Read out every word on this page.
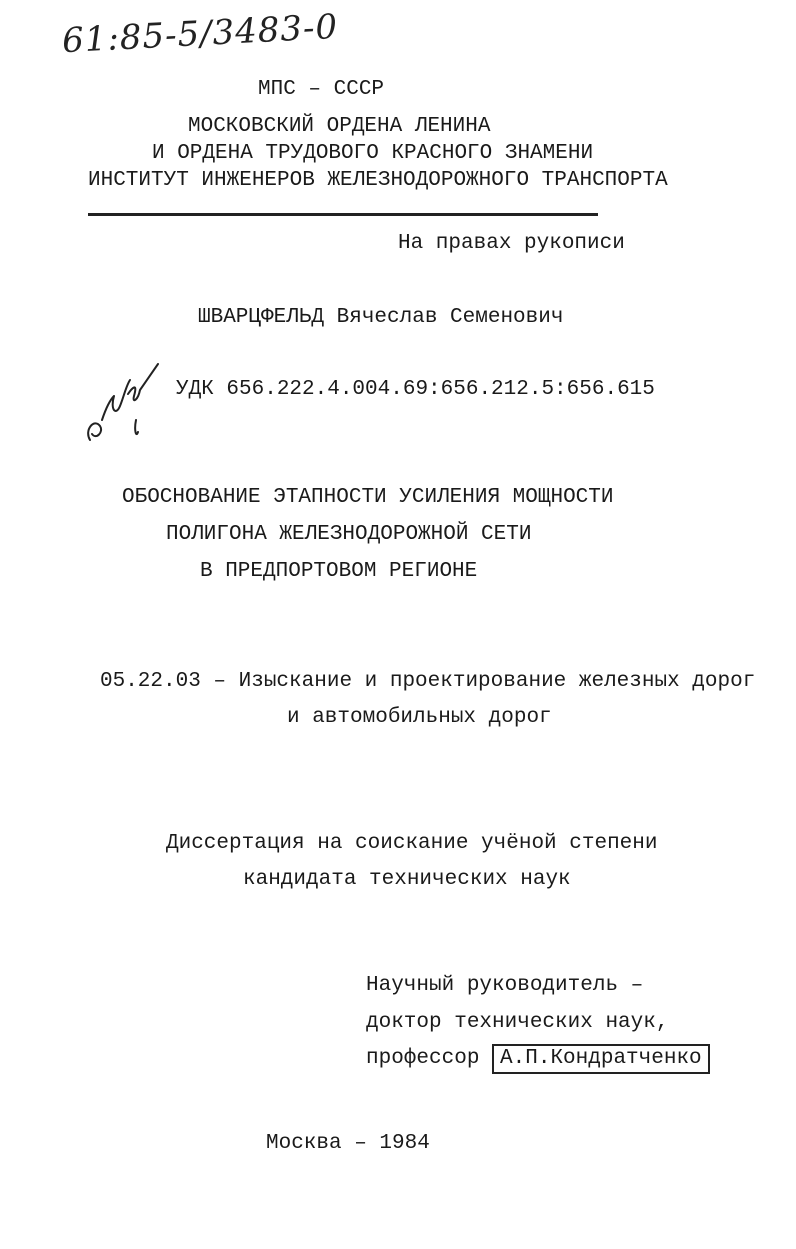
61:85-5/3483-0
МПС – СССР
МОСКОВСКИЙ ОРДЕНА ЛЕНИНА
И ОРДЕНА ТРУДОВОГО КРАСНОГО ЗНАМЕНИ
ИНСТИТУТ ИНЖЕНЕРОВ ЖЕЛЕЗНОДОРОЖНОГО ТРАНСПОРТА
На правах рукописи
ШВАРЦФЕЛЬД Вячеслав Семенович
УДК 656.222.4.004.69:656.212.5:656.615
ОБОСНОВАНИЕ ЭТАПНОСТИ УСИЛЕНИЯ МОЩНОСТИ
ПОЛИГОНА ЖЕЛЕЗНОДОРОЖНОЙ СЕТИ
В ПРЕДПОРТОВОМ РЕГИОНЕ
05.22.03 – Изыскание и проектирование железных дорог
и автомобильных дорог
Диссертация на соискание учёной степени
кандидата технических наук
Научный руководитель –
доктор технических наук,
профессор А.П.Кондратченко
Москва – 1984
